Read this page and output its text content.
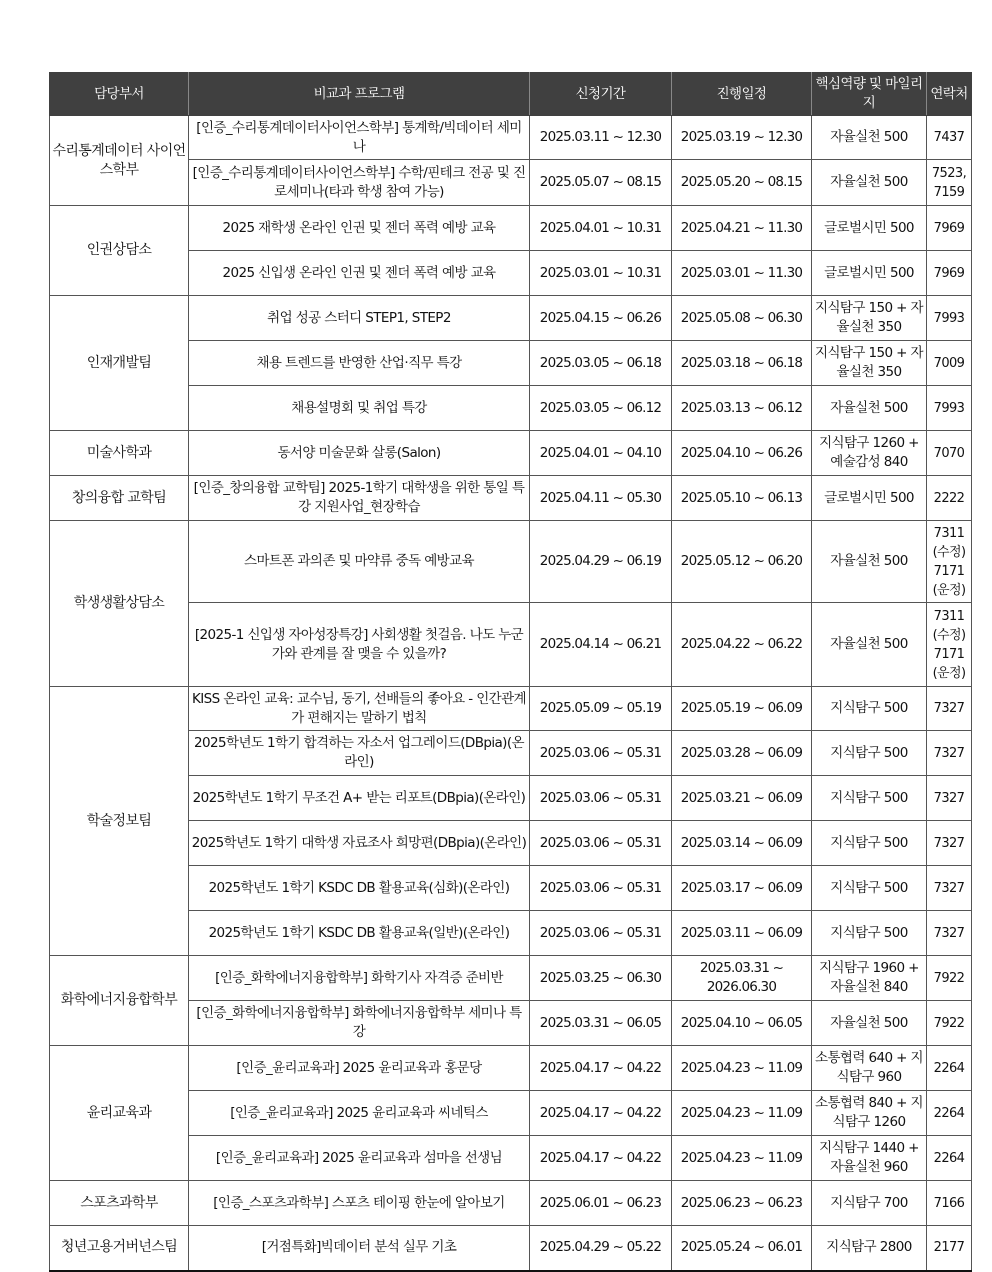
담당부서	비교과 프로그램	신청기간	진행일정	핵심역량 및 마일리지	연락처
수리통계데이터 사이언스학부	[인증_수리통계데이터사이언스학부] 통계학/빅데이터 세미나	2025.03.11 ~ 12.30	2025.03.19 ~ 12.30	자율실천 500	7437
	[인증_수리통계데이터사이언스학부] 수학/핀테크 전공 및 진로세미나(타과 학생 참여 가능)	2025.05.07 ~ 08.15	2025.05.20 ~ 08.15	자율실천 500	7523, 7159
인권상담소	2025 재학생 온라인 인권 및 젠더 폭력 예방 교육	2025.04.01 ~ 10.31	2025.04.21 ~ 11.30	글로벌시민 500	7969
	2025 신입생 온라인 인권 및 젠더 폭력 예방 교육	2025.03.01 ~ 10.31	2025.03.01 ~ 11.30	글로벌시민 500	7969
인재개발팀	취업 성공 스터디 STEP1, STEP2	2025.04.15 ~ 06.26	2025.05.08 ~ 06.30	지식탐구 150 + 자율실천 350	7993
	채용 트렌드를 반영한 산업·직무 특강	2025.03.05 ~ 06.18	2025.03.18 ~ 06.18	지식탐구 150 + 자율실천 350	7009
	채용설명회 및 취업 특강	2025.03.05 ~ 06.12	2025.03.13 ~ 06.12	자율실천 500	7993
미술사학과	동서양 미술문화 살롱(Salon)	2025.04.01 ~ 04.10	2025.04.10 ~ 06.26	지식탐구 1260 + 예술감성 840	7070
창의융합 교학팀	[인증_창의융합 교학팀] 2025-1학기 대학생을 위한 통일 특강 지원사업_현장학습	2025.04.11 ~ 05.30	2025.05.10 ~ 06.13	글로벌시민 500	2222
학생생활상담소	스마트폰 과의존 및 마약류 중독 예방교육	2025.04.29 ~ 06.19	2025.05.12 ~ 06.20	자율실천 500	7311 (수정) 7171 (운정)
	[2025-1 신입생 자아성장특강] 사회생활 첫걸음. 나도 누군가와 관계를 잘 맺을 수 있을까?	2025.04.14 ~ 06.21	2025.04.22 ~ 06.22	자율실천 500	7311 (수정) 7171 (운정)
학술정보팀	KISS 온라인 교육: 교수님, 동기, 선배들의 좋아요 - 인간관계가 편해지는 말하기 법칙	2025.05.09 ~ 05.19	2025.05.19 ~ 06.09	지식탐구 500	7327
	2025학년도 1학기 합격하는 자소서 업그레이드(DBpia)(온라인)	2025.03.06 ~ 05.31	2025.03.28 ~ 06.09	지식탐구 500	7327
	2025학년도 1학기 무조건 A+ 받는 리포트(DBpia)(온라인)	2025.03.06 ~ 05.31	2025.03.21 ~ 06.09	지식탐구 500	7327
	2025학년도 1학기 대학생 자료조사 희망편(DBpia)(온라인)	2025.03.06 ~ 05.31	2025.03.14 ~ 06.09	지식탐구 500	7327
	2025학년도 1학기 KSDC DB 활용교육(심화)(온라인)	2025.03.06 ~ 05.31	2025.03.17 ~ 06.09	지식탐구 500	7327
	2025학년도 1학기 KSDC DB 활용교육(일반)(온라인)	2025.03.06 ~ 05.31	2025.03.11 ~ 06.09	지식탐구 500	7327
화학에너지융합학부	[인증_화학에너지융합학부] 화학기사 자격증 준비반	2025.03.25 ~ 06.30	2025.03.31 ~ 2026.06.30	지식탐구 1960 + 자율실천 840	7922
	[인증_화학에너지융합학부] 화학에너지융합학부 세미나 특강	2025.03.31 ~ 06.05	2025.04.10 ~ 06.05	자율실천 500	7922
윤리교육과	[인증_윤리교육과] 2025 윤리교육과 홍문당	2025.04.17 ~ 04.22	2025.04.23 ~ 11.09	소통협력 640 + 지식탐구 960	2264
	[인증_윤리교육과] 2025 윤리교육과 씨네틱스	2025.04.17 ~ 04.22	2025.04.23 ~ 11.09	소통협력 840 + 지식탐구 1260	2264
	[인증_윤리교육과] 2025 윤리교육과 섬마을 선생님	2025.04.17 ~ 04.22	2025.04.23 ~ 11.09	지식탐구 1440 + 자율실천 960	2264
스포츠과학부	[인증_스포츠과학부] 스포츠 테이핑 한눈에 알아보기	2025.06.01 ~ 06.23	2025.06.23 ~ 06.23	지식탐구 700	7166
청년고용거버넌스팀	[거점특화]빅데이터 분석 실무 기초	2025.04.29 ~ 05.22	2025.05.24 ~ 06.01	지식탐구 2800	2177
